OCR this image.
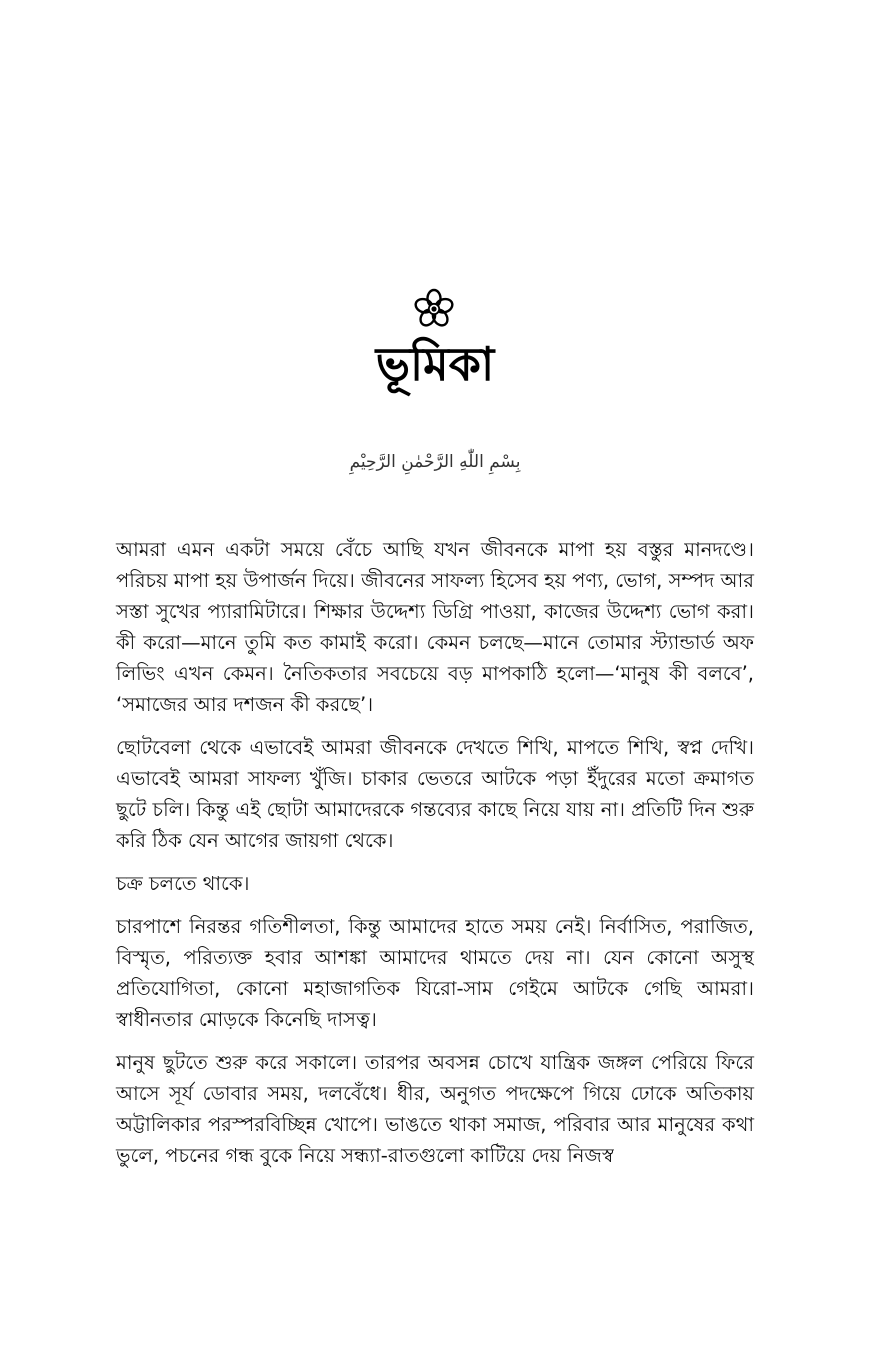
ভূমিকা
بِسْمِ اللّٰهِ الرَّحْمٰنِ الرَّحِيْمِ

আমরা এমন একটা সময়ে বেঁচে আছি যখন জীবনকে মাপা হয় বস্তুর মানদণ্ডে। পরিচয় মাপা হয় উপার্জন দিয়ে। জীবনের সাফল্য হিসেব হয় পণ্য, ভোগ, সম্পদ আর সস্তা সুখের প্যারামিটারে। শিক্ষার উদ্দেশ্য ডিগ্রি পাওয়া, কাজের উদ্দেশ্য ভোগ করা। কী করো—মানে তুমি কত কামাই করো। কেমন চলছে—মানে তোমার স্ট্যান্ডার্ড অফ লিভিং এখন কেমন। নৈতিকতার সবচেয়ে বড় মাপকাঠি হলো—‘মানুষ কী বলবে’, ‘সমাজের আর দশজন কী করছে’।

ছোটবেলা থেকে এভাবেই আমরা জীবনকে দেখতে শিখি, মাপতে শিখি, স্বপ্ন দেখি। এভাবেই আমরা সাফল্য খুঁজি। চাকার ভেতরে আটকে পড়া ইঁদুরের মতো ক্রমাগত ছুটে চলি। কিন্তু এই ছোটা আমাদেরকে গন্তব্যের কাছে নিয়ে যায় না। প্রতিটি দিন শুরু করি ঠিক যেন আগের জায়গা থেকে।

চক্র চলতে থাকে।

চারপাশে নিরন্তর গতিশীলতা, কিন্তু আমাদের হাতে সময় নেই। নির্বাসিত, পরাজিত, বিস্মৃত, পরিত্যক্ত হবার আশঙ্কা আমাদের থামতে দেয় না। যেন কোনো অসুস্থ প্রতিযোগিতা, কোনো মহাজাগতিক যিরো-সাম গেইমে আটকে গেছি আমরা। স্বাধীনতার মোড়কে কিনেছি দাসত্ব।

মানুষ ছুটতে শুরু করে সকালে। তারপর অবসন্ন চোখে যান্ত্রিক জঙ্গল পেরিয়ে ফিরে আসে সূর্য ডোবার সময়, দলবেঁধে। ধীর, অনুগত পদক্ষেপে গিয়ে ঢোকে অতিকায় অট্টালিকার পরস্পরবিচ্ছিন্ন খোপে। ভাঙতে থাকা সমাজ, পরিবার আর মানুষের কথা ভুলে, পচনের গন্ধ বুকে নিয়ে সন্ধ্যা-রাতগুলো কাটিয়ে দেয় নিজস্ব
